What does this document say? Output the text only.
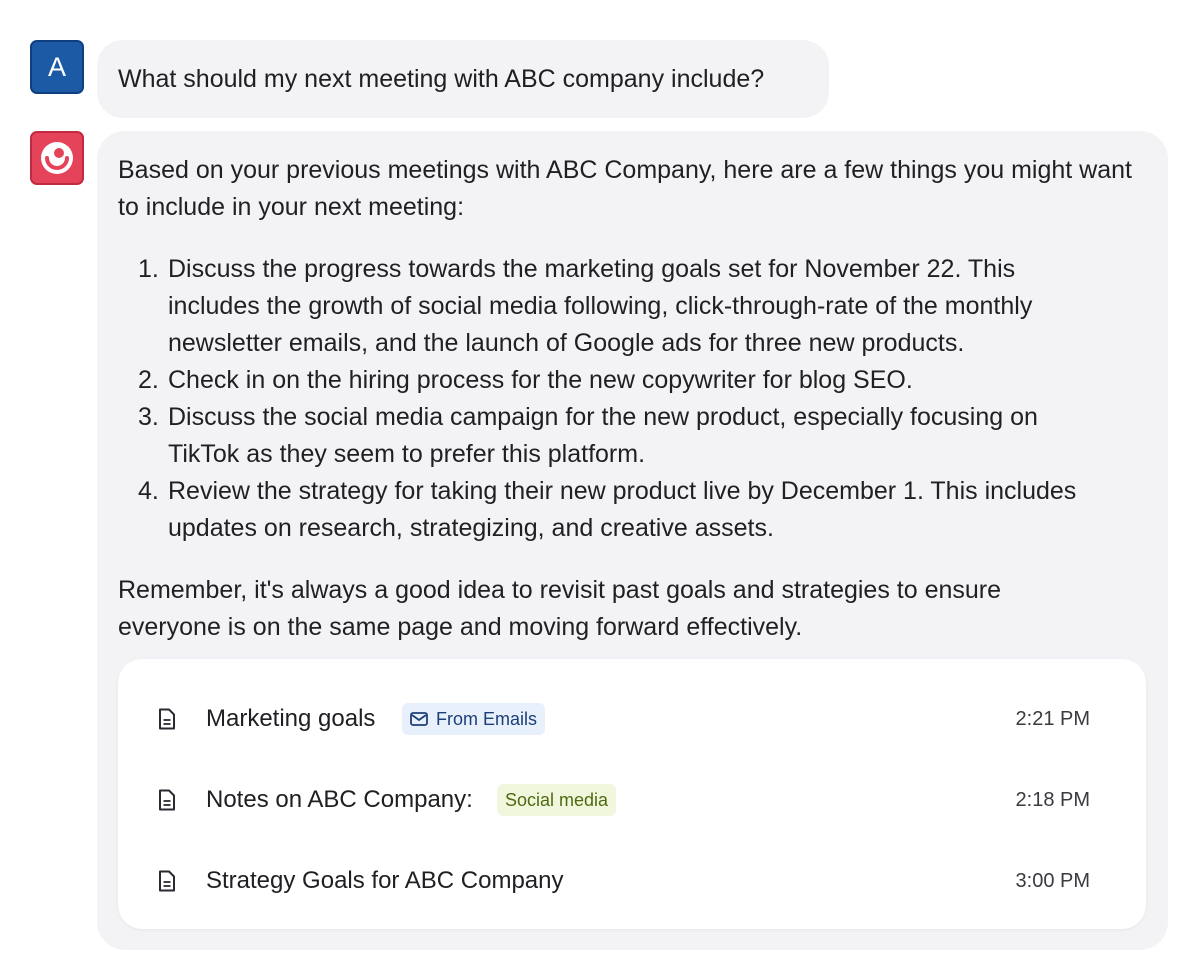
A What should my next meeting with ABC company include?

Based on your previous meetings with ABC Company, here are a few things you might want to include in your next meeting:

1. Discuss the progress towards the marketing goals set for November 22. This
includes the growth of social media following, click-through-rate of the monthly
newsletter emails, and the launch of Google ads for three new products.
2. Check in on the hiring process for the new copywriter for blog SEO.
3. Discuss the social media campaign for the new product, especially focusing on
TikTok as they seem to prefer this platform.
4. Review the strategy for taking their new product live by December 1. This includes
updates on research, strategizing, and creative assets.

Remember, it's always a good idea to revisit past goals and strategies to ensure
everyone is on the same page and moving forward effectively.

Marketing goals	From Emails	2:21 PM
Notes on ABC Company: Social media	2:18 PM
Strategy Goals for ABC Company	3:00 PM
